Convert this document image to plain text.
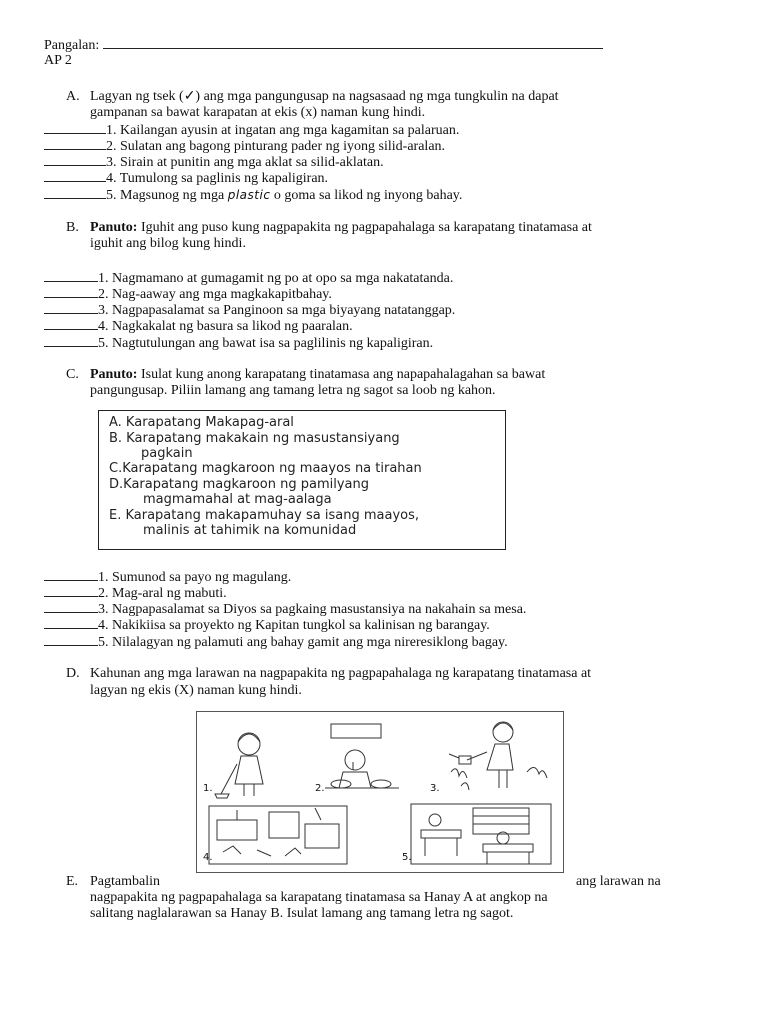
Pangalan:
AP 2
A. Lagyan ng tsek (✓) ang mga pangungusap na nagsasaad ng mga tungkulin na dapat
gampanan sa bawat karapatan at ekis (x) naman kung hindi.
1. Kailangan ayusin at ingatan ang mga kagamitan sa palaruan.
2. Sulatan ang bagong pinturang pader ng iyong silid-aralan.
3. Sirain at punitin ang mga aklat sa silid-aklatan.
4. Tumulong sa paglinis ng kapaligiran.
5. Magsunog ng mga plastic o goma sa likod ng inyong bahay.
B. Panuto: Iguhit ang puso kung nagpapakita ng pagpapahalaga sa karapatang tinatamasa at
iguhit ang bilog kung hindi.
1. Nagmamano at gumagamit ng po at opo sa mga nakatatanda.
2. Nag-aaway ang mga magkakapitbahay.
3. Nagpapasalamat sa Panginoon sa mga biyayang natatanggap.
4. Nagkakalat ng basura sa likod ng paaralan.
5. Nagtutulungan ang bawat isa sa paglilinis ng kapaligiran.
C. Panuto: Isulat kung anong karapatang tinatamasa ang napapahalagahan sa bawat
pangungusap. Piliin lamang ang tamang letra ng sagot sa loob ng kahon.
A. Karapatang Makapag-aral
B. Karapatang makakain ng masustansiyang
pagkain
C.Karapatang magkaroon ng maayos na tirahan
D.Karapatang magkaroon ng pamilyang
magmamahal at mag-aalaga
E. Karapatang makapamuhay sa isang maayos,
malinis at tahimik na komunidad
1. Sumunod sa payo ng magulang.
2. Mag-aral ng mabuti.
3. Nagpapasalamat sa Diyos sa pagkaing masustansiya na nakahain sa mesa.
4. Nakikiisa sa proyekto ng Kapitan tungkol sa kalinisan ng barangay.
5. Nilalagyan ng palamuti ang bahay gamit ang mga nireresiklong bagay.
D. Kahunan ang mga larawan na nagpapakita ng pagpapahalaga ng karapatang tinatamasa at
lagyan ng ekis (X) naman kung hindi.
1.	2.	3.
4.	5.
E. Pagtambalin	ang larawan na
nagpapakita ng pagpapahalaga sa karapatang tinatamasa sa Hanay A at angkop na
salitang naglalarawan sa Hanay B. Isulat lamang ang tamang letra ng sagot.
